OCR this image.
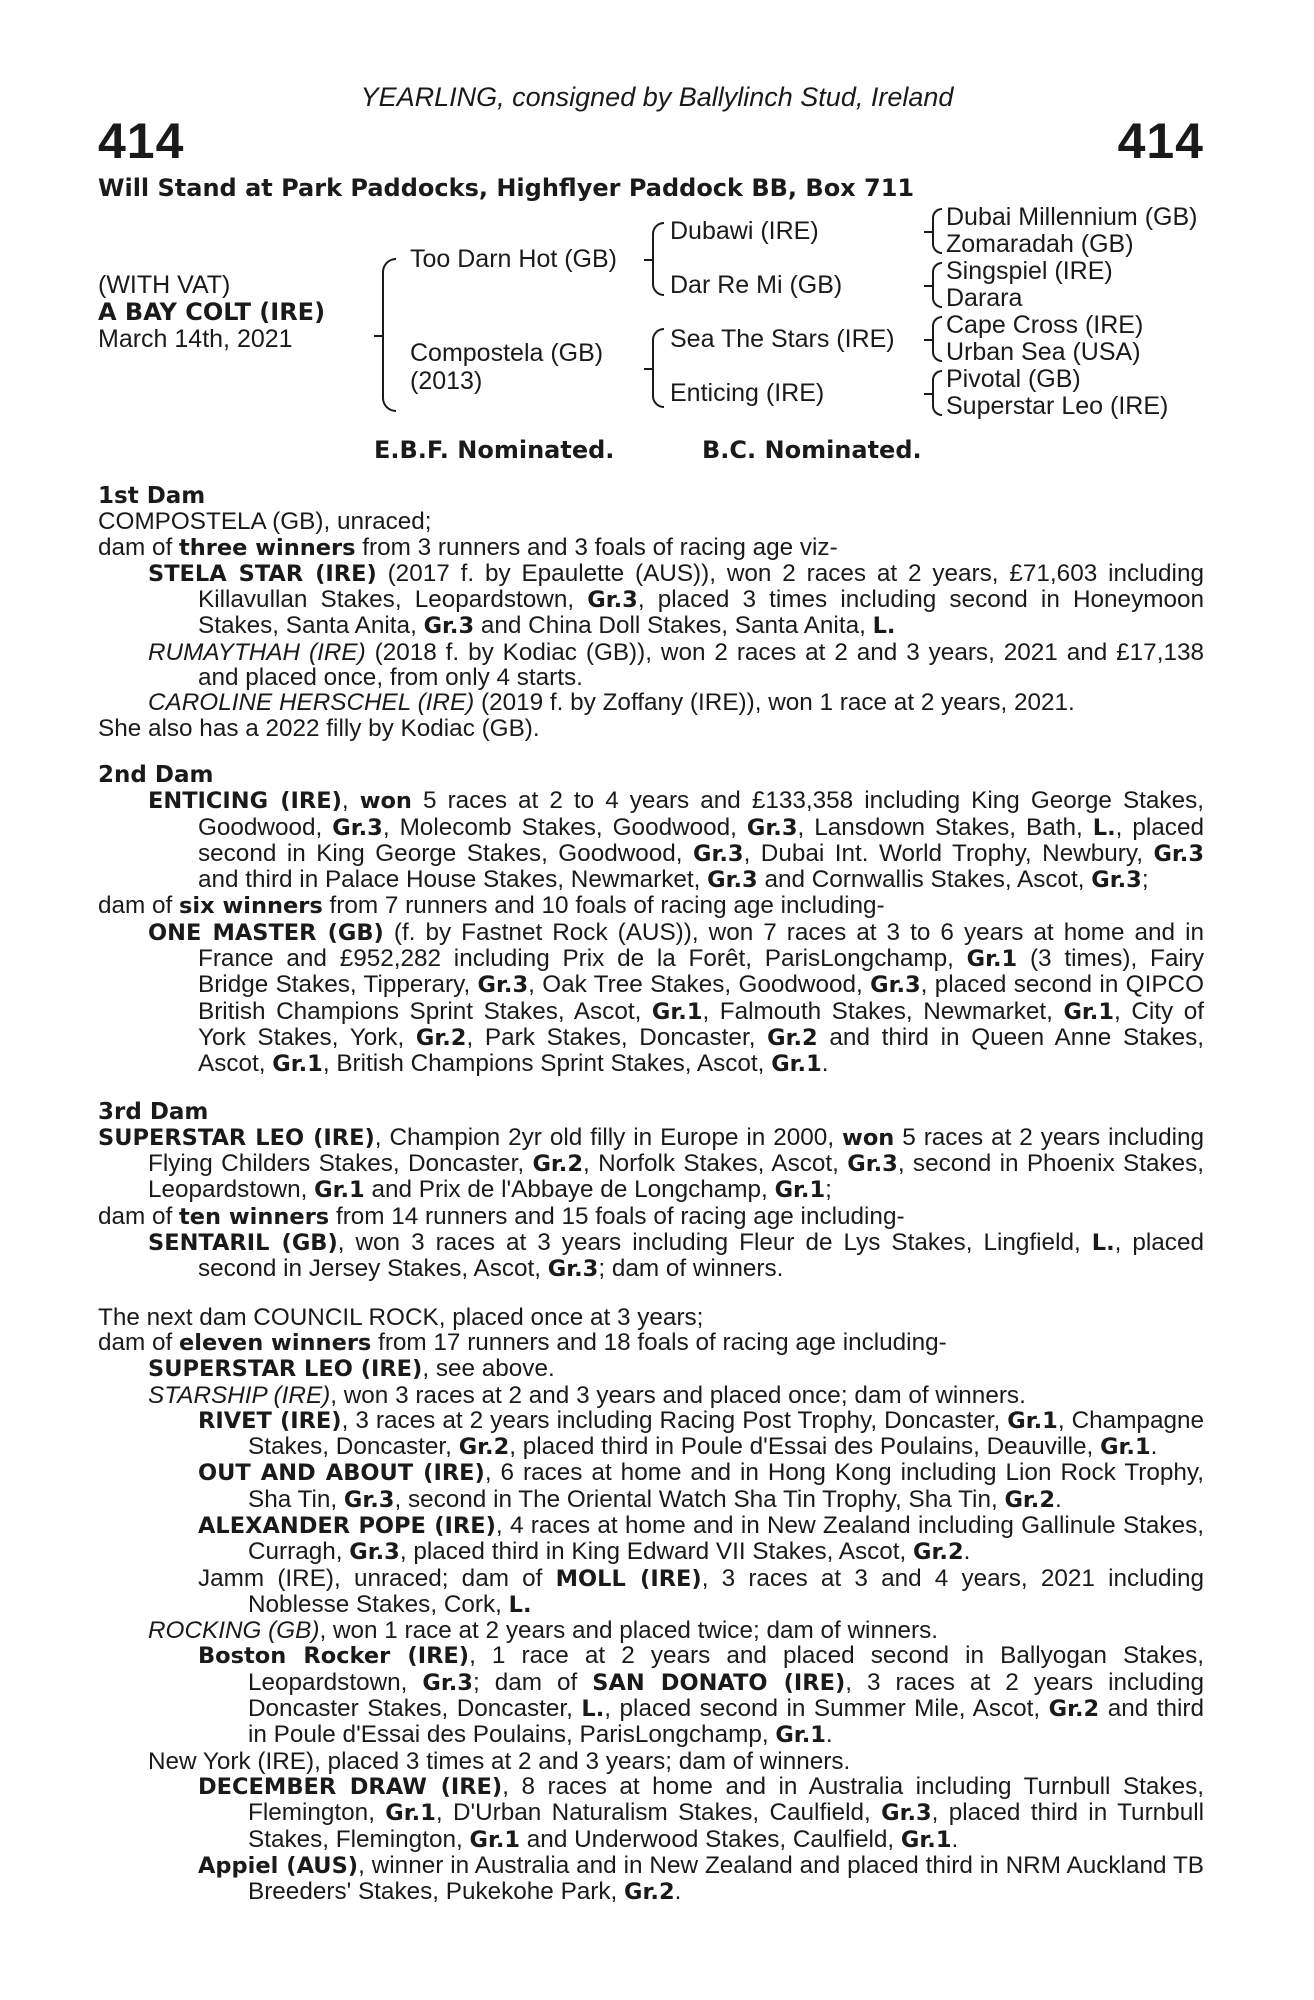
YEARLING, consigned by Ballylinch Stud, Ireland
414	414
Will Stand at Park Paddocks, Highflyer Paddock BB, Box 711
(WITH VAT)
A BAY COLT (IRE)
March 14th, 2021
Too Darn Hot (GB)
Compostela (GB)
(2013)
Dubawi (IRE)
Dar Re Mi (GB)
Sea The Stars (IRE)
Enticing (IRE)
Dubai Millennium (GB)
Zomaradah (GB)
Singspiel (IRE)
Darara
Cape Cross (IRE)
Urban Sea (USA)
Pivotal (GB)
Superstar Leo (IRE)
E.B.F. Nominated.	B.C. Nominated.

1st Dam

COMPOSTELA (GB), unraced;

dam of three winners from 3 runners and 3 foals of racing age viz-

STELA STAR (IRE) (2017 f. by Epaulette (AUS)), won 2 races at 2 years, £71,603 including Killavullan Stakes, Leopardstown, Gr.3, placed 3 times including second in Honeymoon Stakes, Santa Anita, Gr.3 and China Doll Stakes, Santa Anita, L.

RUMAYTHAH (IRE) (2018 f. by Kodiac (GB)), won 2 races at 2 and 3 years, 2021 and £17,138 and placed once, from only 4 starts.

CAROLINE HERSCHEL (IRE) (2019 f. by Zoffany (IRE)), won 1 race at 2 years, 2021.

She also has a 2022 filly by Kodiac (GB).

2nd Dam

ENTICING (IRE), won 5 races at 2 to 4 years and £133,358 including King George Stakes, Goodwood, Gr.3, Molecomb Stakes, Goodwood, Gr.3, Lansdown Stakes, Bath, L., placed second in King George Stakes, Goodwood, Gr.3, Dubai Int. World Trophy, Newbury, Gr.3 and third in Palace House Stakes, Newmarket, Gr.3 and Cornwallis Stakes, Ascot, Gr.3;

dam of six winners from 7 runners and 10 foals of racing age including-

ONE MASTER (GB) (f. by Fastnet Rock (AUS)), won 7 races at 3 to 6 years at home and in France and £952,282 including Prix de la Forêt, ParisLongchamp, Gr.1 (3 times), Fairy Bridge Stakes, Tipperary, Gr.3, Oak Tree Stakes, Goodwood, Gr.3, placed second in QIPCO British Champions Sprint Stakes, Ascot, Gr.1, Falmouth Stakes, Newmarket, Gr.1, City of York Stakes, York, Gr.2, Park Stakes, Doncaster, Gr.2 and third in Queen Anne Stakes, Ascot, Gr.1, British Champions Sprint Stakes, Ascot, Gr.1.

3rd Dam

SUPERSTAR LEO (IRE), Champion 2yr old filly in Europe in 2000, won 5 races at 2 years including Flying Childers Stakes, Doncaster, Gr.2, Norfolk Stakes, Ascot, Gr.3, second in Phoenix Stakes, Leopardstown, Gr.1 and Prix de l'Abbaye de Longchamp, Gr.1;

dam of ten winners from 14 runners and 15 foals of racing age including-

SENTARIL (GB), won 3 races at 3 years including Fleur de Lys Stakes, Lingfield, L., placed second in Jersey Stakes, Ascot, Gr.3; dam of winners.

The next dam COUNCIL ROCK, placed once at 3 years;

dam of eleven winners from 17 runners and 18 foals of racing age including-

SUPERSTAR LEO (IRE), see above.

STARSHIP (IRE), won 3 races at 2 and 3 years and placed once; dam of winners.

RIVET (IRE), 3 races at 2 years including Racing Post Trophy, Doncaster, Gr.1, Champagne Stakes, Doncaster, Gr.2, placed third in Poule d'Essai des Poulains, Deauville, Gr.1.

OUT AND ABOUT (IRE), 6 races at home and in Hong Kong including Lion Rock Trophy, Sha Tin, Gr.3, second in The Oriental Watch Sha Tin Trophy, Sha Tin, Gr.2.

ALEXANDER POPE (IRE), 4 races at home and in New Zealand including Gallinule Stakes, Curragh, Gr.3, placed third in King Edward VII Stakes, Ascot, Gr.2.

Jamm (IRE), unraced; dam of MOLL (IRE), 3 races at 3 and 4 years, 2021 including Noblesse Stakes, Cork, L.

ROCKING (GB), won 1 race at 2 years and placed twice; dam of winners.

Boston Rocker (IRE), 1 race at 2 years and placed second in Ballyogan Stakes, Leopardstown, Gr.3; dam of SAN DONATO (IRE), 3 races at 2 years including Doncaster Stakes, Doncaster, L., placed second in Summer Mile, Ascot, Gr.2 and third in Poule d'Essai des Poulains, ParisLongchamp, Gr.1.

New York (IRE), placed 3 times at 2 and 3 years; dam of winners.

DECEMBER DRAW (IRE), 8 races at home and in Australia including Turnbull Stakes, Flemington, Gr.1, D'Urban Naturalism Stakes, Caulfield, Gr.3, placed third in Turnbull Stakes, Flemington, Gr.1 and Underwood Stakes, Caulfield, Gr.1.

Appiel (AUS), winner in Australia and in New Zealand and placed third in NRM Auckland TB Breeders' Stakes, Pukekohe Park, Gr.2.
